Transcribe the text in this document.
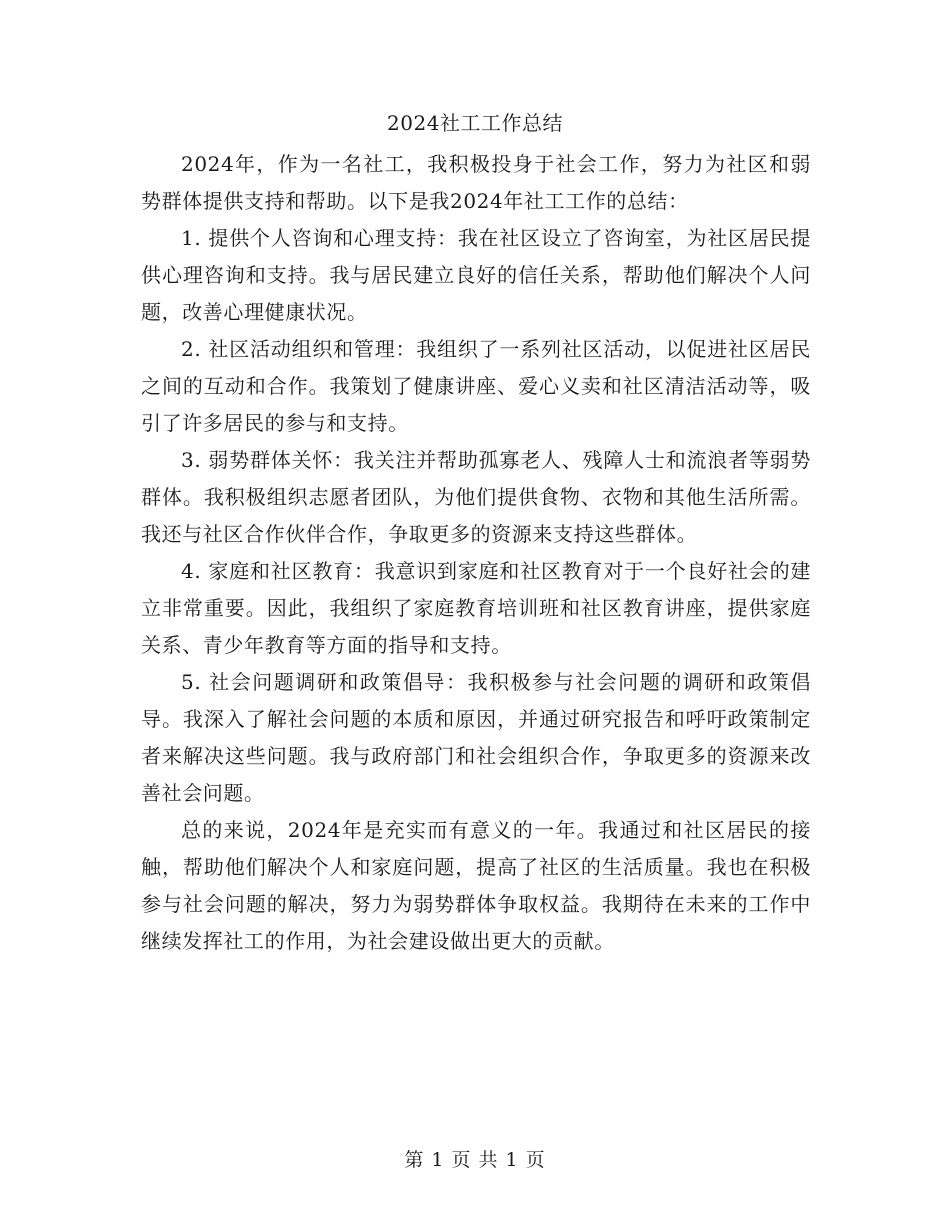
2024社工工作总结

2024年，作为一名社工，我积极投身于社会工作，努力为社区和弱势群体提供支持和帮助。以下是我2024年社工工作的总结：

1. 提供个人咨询和心理支持：我在社区设立了咨询室，为社区居民提供心理咨询和支持。我与居民建立良好的信任关系，帮助他们解决个人问题，改善心理健康状况。

2. 社区活动组织和管理：我组织了一系列社区活动，以促进社区居民之间的互动和合作。我策划了健康讲座、爱心义卖和社区清洁活动等，吸引了许多居民的参与和支持。

3. 弱势群体关怀：我关注并帮助孤寡老人、残障人士和流浪者等弱势群体。我积极组织志愿者团队，为他们提供食物、衣物和其他生活所需。我还与社区合作伙伴合作，争取更多的资源来支持这些群体。

4. 家庭和社区教育：我意识到家庭和社区教育对于一个良好社会的建立非常重要。因此，我组织了家庭教育培训班和社区教育讲座，提供家庭关系、青少年教育等方面的指导和支持。

5. 社会问题调研和政策倡导：我积极参与社会问题的调研和政策倡导。我深入了解社会问题的本质和原因，并通过研究报告和呼吁政策制定者来解决这些问题。我与政府部门和社会组织合作，争取更多的资源来改善社会问题。

总的来说，2024年是充实而有意义的一年。我通过和社区居民的接触，帮助他们解决个人和家庭问题，提高了社区的生活质量。我也在积极参与社会问题的解决，努力为弱势群体争取权益。我期待在未来的工作中继续发挥社工的作用，为社会建设做出更大的贡献。

第 1 页 共 1 页
